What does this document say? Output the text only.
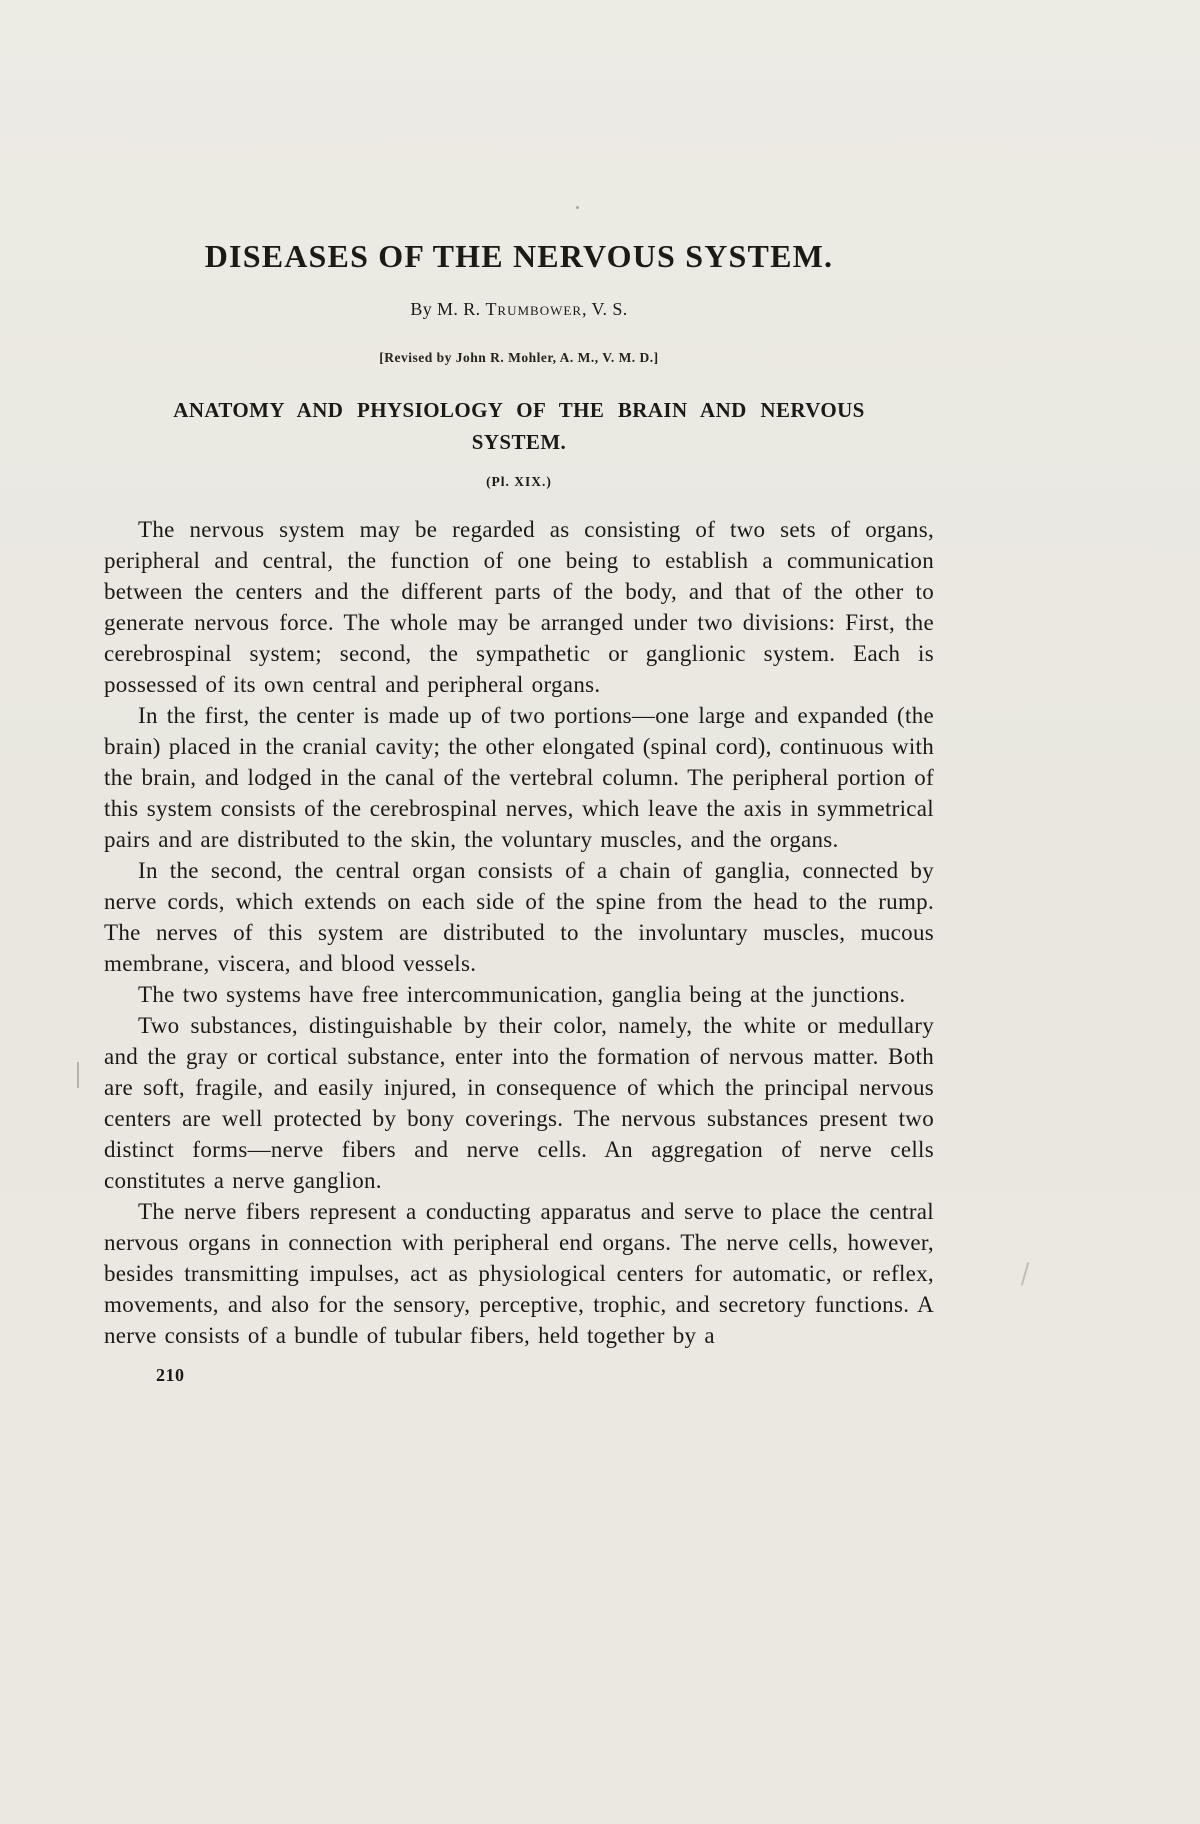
DISEASES OF THE NERVOUS SYSTEM.

By M. R. Trumbower, V. S.

[Revised by John R. Mohler, A. M., V. M. D.]

ANATOMY AND PHYSIOLOGY OF THE BRAIN AND NERVOUS
SYSTEM.

(Pl. XIX.)

The nervous system may be regarded as consisting of two sets of organs, peripheral and central, the function of one being to establish a communication between the centers and the different parts of the body, and that of the other to generate nervous force. The whole may be arranged under two divisions: First, the cerebrospinal system; second, the sympathetic or ganglionic system. Each is possessed of its own central and peripheral organs.

In the first, the center is made up of two portions—one large and expanded (the brain) placed in the cranial cavity; the other elongated (spinal cord), continuous with the brain, and lodged in the canal of the vertebral column. The peripheral portion of this system consists of the cerebrospinal nerves, which leave the axis in symmetrical pairs and are distributed to the skin, the voluntary muscles, and the organs.

In the second, the central organ consists of a chain of ganglia, connected by nerve cords, which extends on each side of the spine from the head to the rump. The nerves of this system are distributed to the involuntary muscles, mucous membrane, viscera, and blood vessels.

The two systems have free intercommunication, ganglia being at the junctions.

Two substances, distinguishable by their color, namely, the white or medullary and the gray or cortical substance, enter into the formation of nervous matter. Both are soft, fragile, and easily injured, in consequence of which the principal nervous centers are well protected by bony coverings. The nervous substances present two distinct forms—nerve fibers and nerve cells. An aggregation of nerve cells constitutes a nerve ganglion.

The nerve fibers represent a conducting apparatus and serve to place the central nervous organs in connection with peripheral end organs. The nerve cells, however, besides transmitting impulses, act as physiological centers for automatic, or reflex, movements, and also for the sensory, perceptive, trophic, and secretory functions. A nerve consists of a bundle of tubular fibers, held together by a

210
